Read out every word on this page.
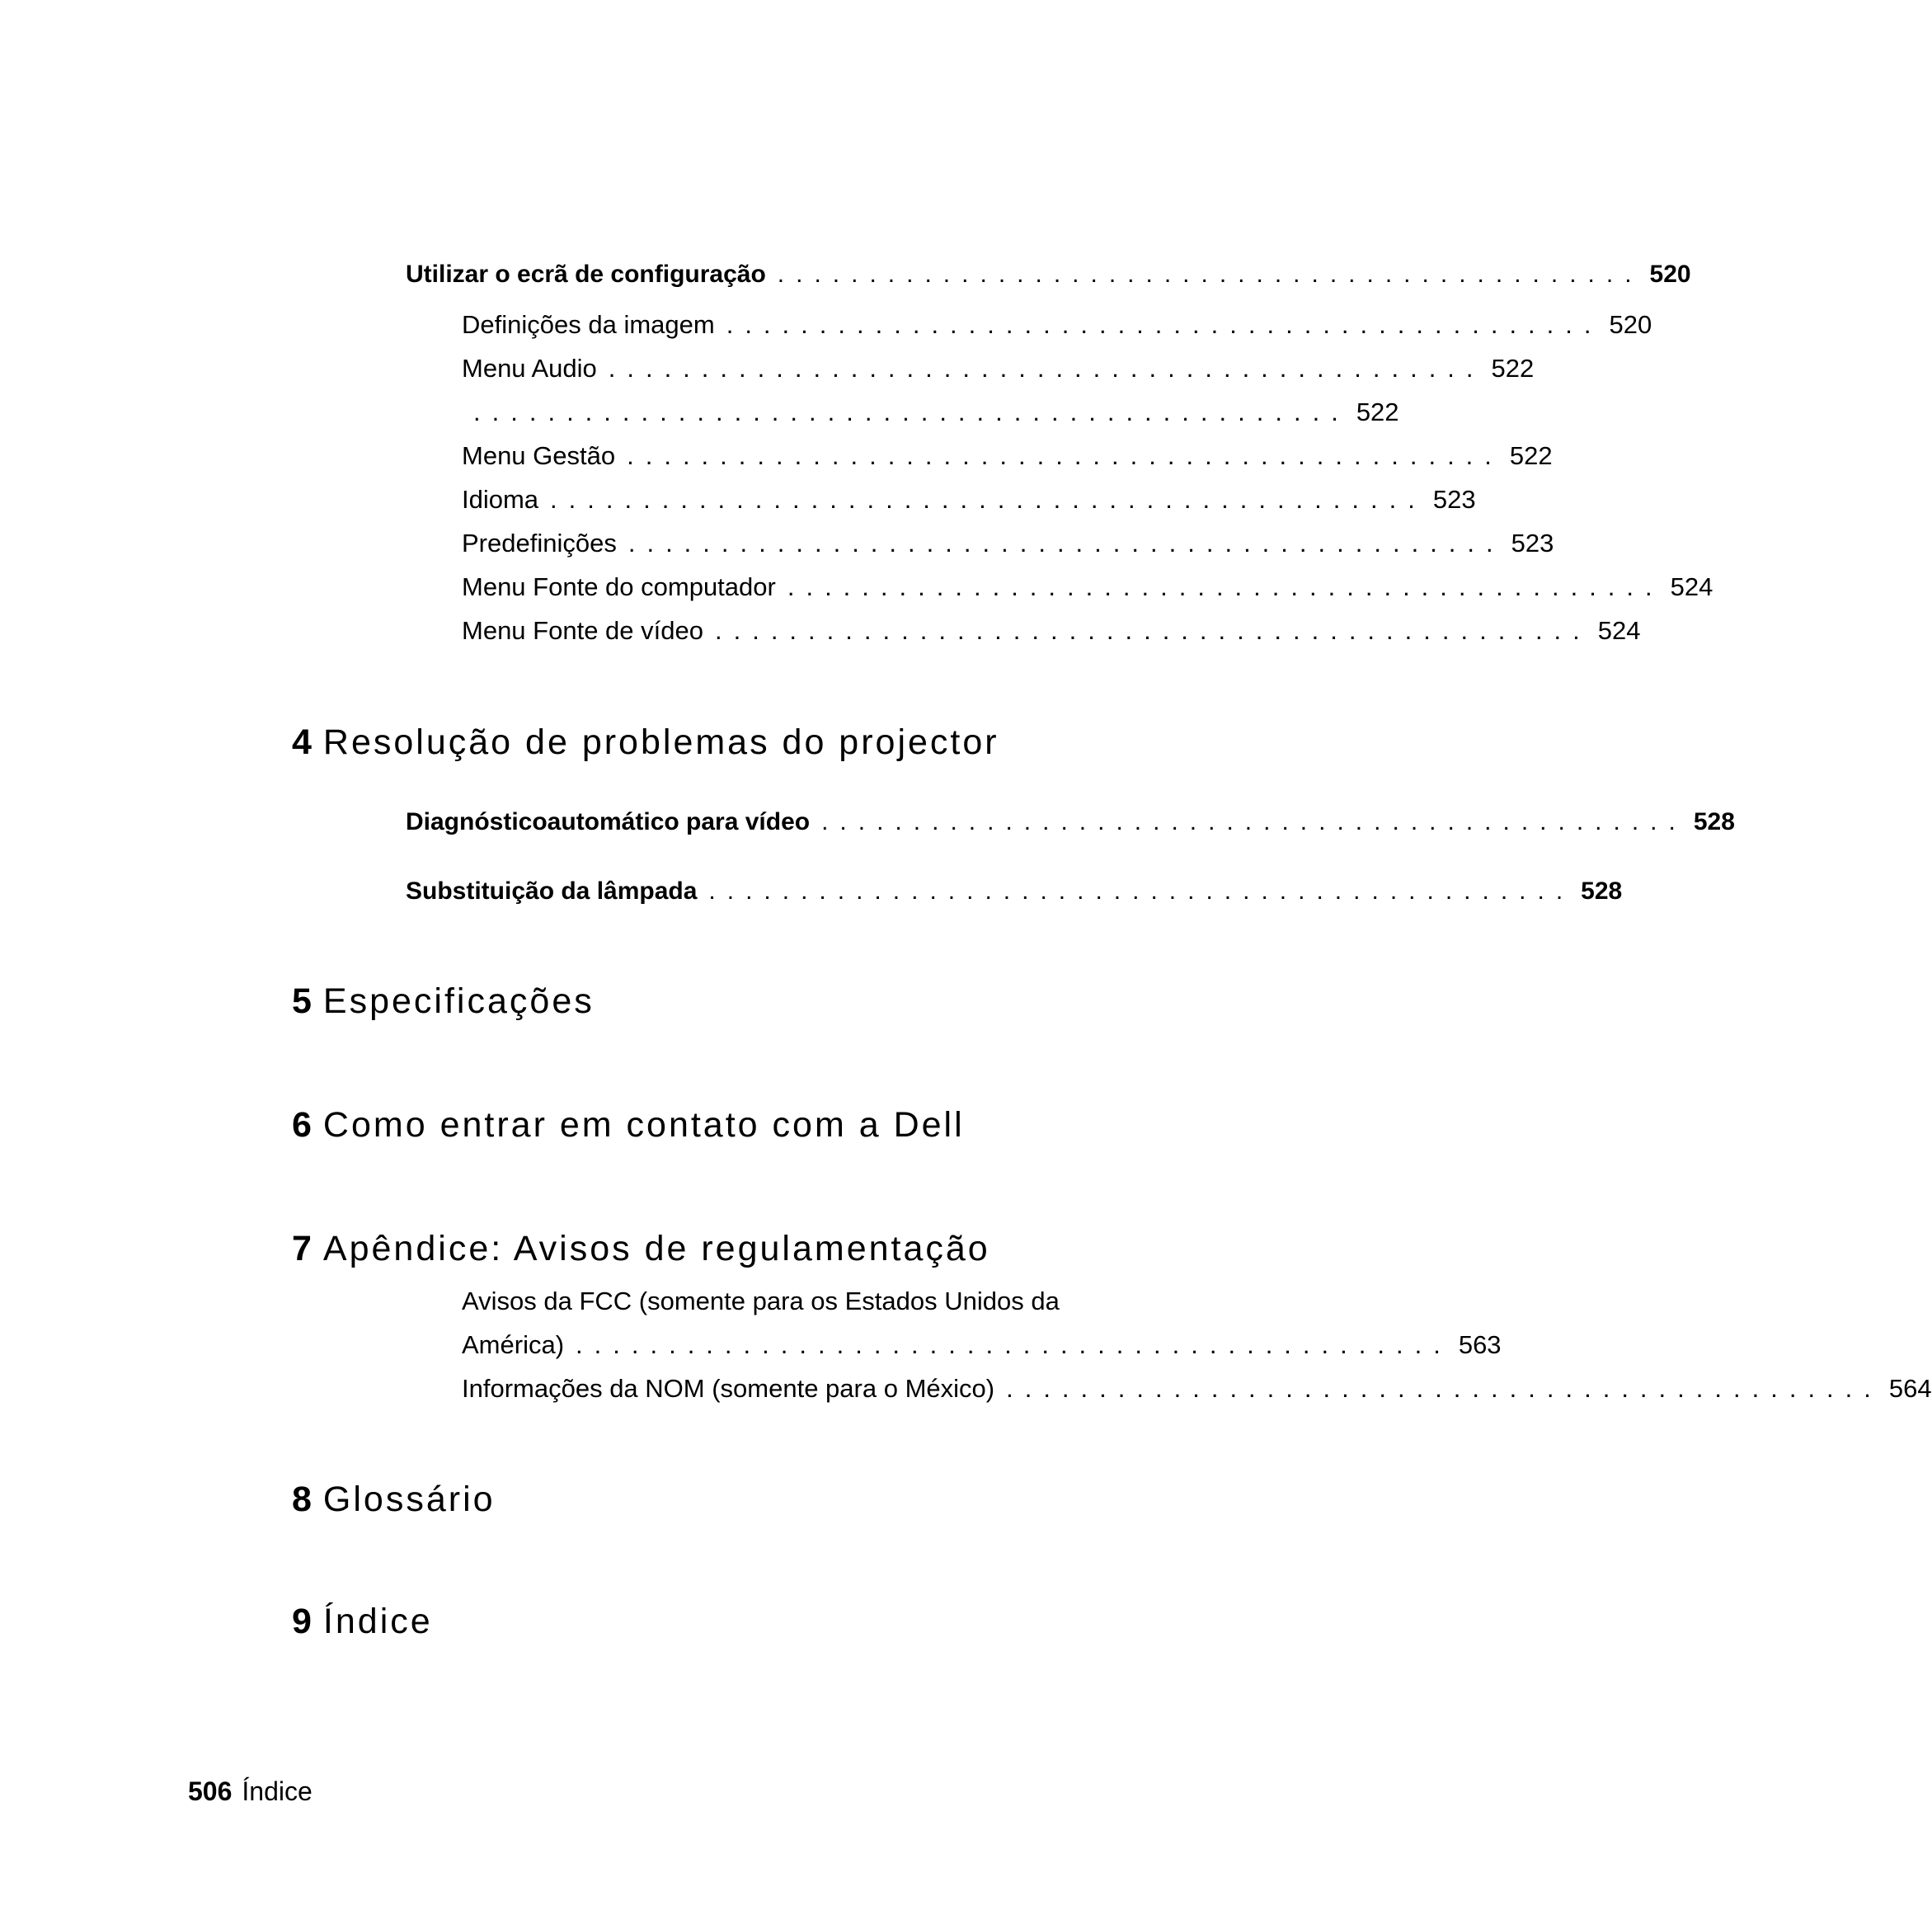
Utilizar o ecrã de configuração ............................................... 520
Definições da imagem ............................................... 520
Menu Audio ............................................... 522
............................................... 522
Menu Gestão ............................................... 522
Idioma ............................................... 523
Predefinições ............................................... 523
Menu Fonte do computador ............................................... 524
Menu Fonte de vídeo ............................................... 524
4 Resolução de problemas do projector
Diagnósticoautomático para vídeo ............................................... 528
Substituição da lâmpada ............................................... 528
5 Especificações
6 Como entrar em contato com a Dell
7 Apêndice: Avisos de regulamentação
Avisos da FCC (somente para os Estados Unidos da
América) ............................................... 563
Informações da NOM (somente para o México) ............................................... 564
8 Glossário
9 Índice
506 Índice
